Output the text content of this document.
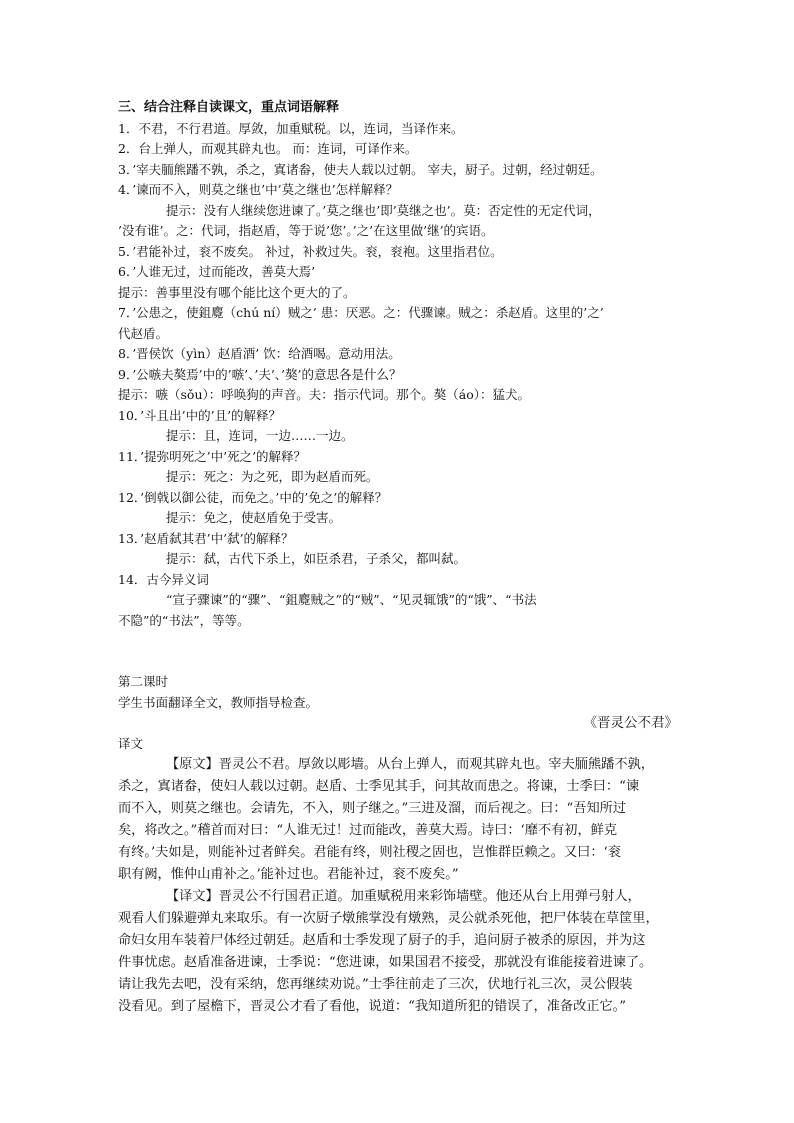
三、结合注释自读课文，重点词语解释
1．不君，不行君道。厚敛，加重赋税。以，连词，当译作来。
2．台上弹人，而观其辟丸也。 而：连词，可译作来。
3．’宰夫胹熊蹯不孰，杀之，寘诸畚，使夫人载以过朝。 宰夫，厨子。过朝，经过朝廷。
4．’谏而不入，则莫之继也’中’莫之继也’怎样解释？
提示：没有人继续您进谏了。’莫之继也’即’莫继之也’。莫：否定性的无定代词，
’没有谁’。之：代词，指赵盾，等于说’您’。’之’在这里做’继’的宾语。
5．’君能补过，衮不废矣。 补过，补救过失。衮，衮袍。这里指君位。
6．’人谁无过，过而能改，善莫大焉’
提示：善事里没有哪个能比这个更大的了。
7．’公患之，使鉏麑（chú ní）贼之’ 患：厌恶。之：代骤谏。贼之：杀赵盾。这里的’之’
代赵盾。
8．’晋侯饮（yìn）赵盾酒’ 饮：给酒喝。意动用法。
9．’公嗾夫獒焉’中的’嗾’、’夫’、’獒’的意思各是什么？
提示：嗾（sǒu）：呼唤狗的声音。夫：指示代词。那个。獒（áo）：猛犬。
10．’斗且出’中的’且’的解释？
提示：且，连词，一边……一边。
11．’提弥明死之’中’死之’的解释？
提示：死之：为之死，即为赵盾而死。
12．’倒戟以御公徒，而免之。’中的’免之’的解释？
提示：免之，使赵盾免于受害。
13．’赵盾弑其君’中’弑’的解释？
提示：弑，古代下杀上，如臣杀君，子杀父，都叫弑。
14．古今异义词
“宣子骤谏”的“骤”、“鉏麑贼之”的“贼”、“见灵辄饿”的“饿”、“书法
不隐”的“书法”，等等。
第二课时
学生书面翻译全文，教师指导检查。
《晋灵公不君》
译文
【原文】晋灵公不君。厚敛以彫墙。从台上弹人，而观其辟丸也。宰夫胹熊蹯不孰，
杀之，寘诸畚，使妇人载以过朝。赵盾、士季见其手，问其故而患之。将谏，士季曰：“谏
而不入，则莫之继也。会请先，不入，则子继之。”三进及溜，而后视之。曰：“吾知所过
矣，将改之。”稽首而对曰：“人谁无过！过而能改，善莫大焉。诗曰：‘靡不有初，鲜克
有终。’夫如是，则能补过者鲜矣。君能有终，则社稷之固也，岂惟群臣赖之。又曰：‘衮
职有阙，惟仲山甫补之。’能补过也。君能补过，衮不废矣。”
【译文】晋灵公不行国君正道。加重赋税用来彩饰墙壁。他还从台上用弹弓射人，
观看人们躲避弹丸来取乐。有一次厨子燉熊掌没有燉熟，灵公就杀死他，把尸体装在草筐里，
命妇女用车装着尸体经过朝廷。赵盾和士季发现了厨子的手，追问厨子被杀的原因，并为这
件事忧虑。赵盾准备进谏，士季说：“您进谏，如果国君不接受，那就没有谁能接着进谏了。
请让我先去吧，没有采纳，您再继续劝说。”士季往前走了三次，伏地行礼三次，灵公假装
没看见。到了屋檐下，晋灵公才看了看他，说道：“我知道所犯的错误了，准备改正它。”
